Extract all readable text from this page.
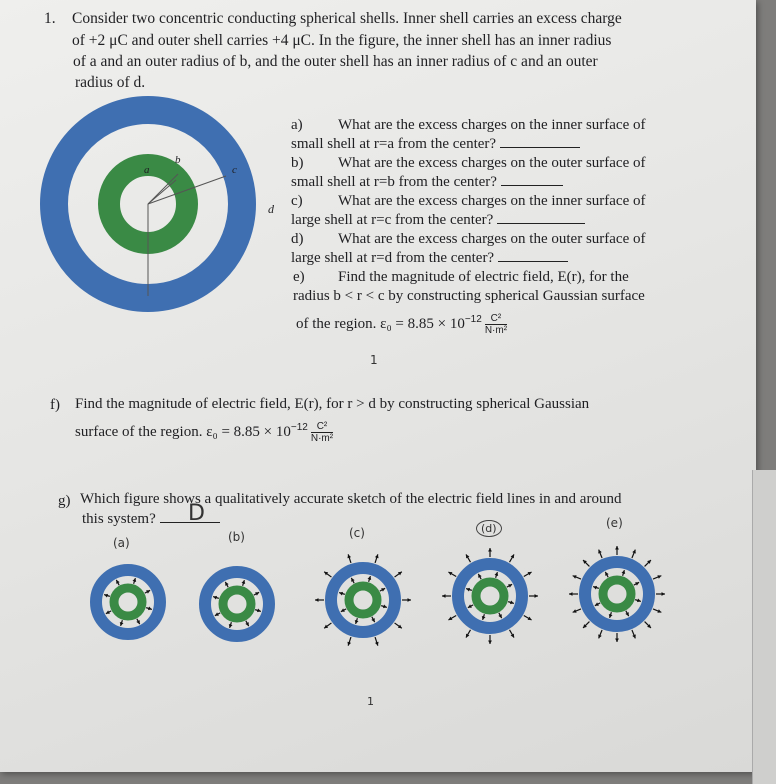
1. Consider two concentric conducting spherical shells. Inner shell carries an excess charge
of +2 μC and outer shell carries +4 μC. In the figure, the inner shell has an inner radius
of a and an outer radius of b, and the outer shell has an inner radius of c and an outer
radius of d.
a
b
c
d
a) What are the excess charges on the inner surface of
small shell at r=a from the center?
b) What are the excess charges on the outer surface of
small shell at r=b from the center?
c) What are the excess charges on the inner surface of
large shell at r=c from the center?
d) What are the excess charges on the outer surface of
large shell at r=d from the center?
e) Find the magnitude of electric field, E(r), for the
radius b < r < c by constructing spherical Gaussian surface
of the region. $\varepsilon_0 = 8.85 \times 10^{-12} \frac{\text{C²}}{\text{N·m²}}$
1
f) Find the magnitude of electric field, E(r), for r > d by constructing spherical Gaussian
surface of the region. $\varepsilon_0 = 8.85 \times 10^{-12} \frac{\text{C²}}{\text{N·m²}}$
g) Which figure shows a qualitatively accurate sketch of the electric field lines in and around
this system?	D
(a)	(b)	(c)	(d)	(e)
1
